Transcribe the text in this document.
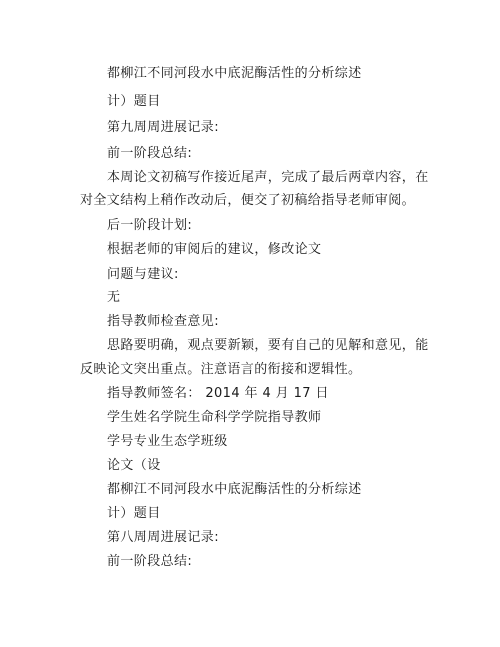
都柳江不同河段水中底泥酶活性的分析综述
计）题目
第九周周进展记录:
前一阶段总结:
本周论文初稿写作接近尾声，完成了最后两章内容，在
对全文结构上稍作改动后，便交了初稿给指导老师审阅。
后一阶段计划:
根据老师的审阅后的建议，修改论文
问题与建议:
无
指导教师检查意见:
思路要明确，观点要新颖，要有自己的见解和意见，能
反映论文突出重点。注意语言的衔接和逻辑性。
指导教师签名： 2014 年 4 月 17 日
学生姓名学院生命科学学院指导教师
学号专业生态学班级
论文（设
都柳江不同河段水中底泥酶活性的分析综述
计）题目
第八周周进展记录:
前一阶段总结:
